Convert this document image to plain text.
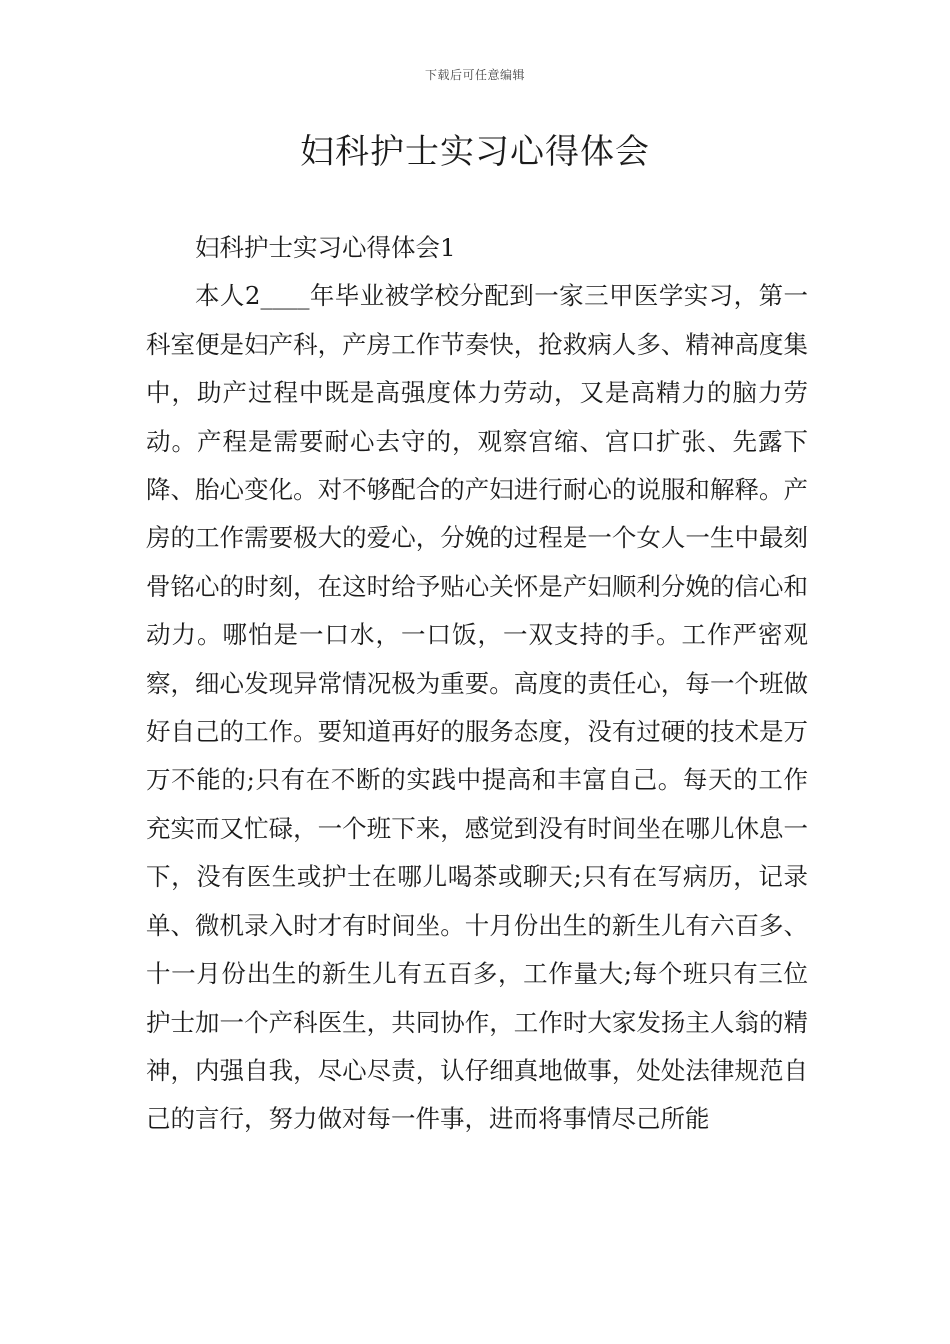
下载后可任意编辑
妇科护士实习心得体会

妇科护士实习心得体会1

本人2____年毕业被学校分配到一家三甲医学实习，第一科室便是妇产科，产房工作节奏快，抢救病人多、精神高度集中，助产过程中既是高强度体力劳动，又是高精力的脑力劳动。产程是需要耐心去守的，观察宫缩、宫口扩张、先露下降、胎心变化。对不够配合的产妇进行耐心的说服和解释。产房的工作需要极大的爱心，分娩的过程是一个女人一生中最刻骨铭心的时刻，在这时给予贴心关怀是产妇顺利分娩的信心和动力。哪怕是一口水，一口饭，一双支持的手。工作严密观察，细心发现异常情况极为重要。高度的责任心，每一个班做好自己的工作。要知道再好的服务态度，没有过硬的技术是万万不能的;只有在不断的实践中提高和丰富自己。每天的工作充实而又忙碌，一个班下来，感觉到没有时间坐在哪儿休息一下，没有医生或护士在哪儿喝茶或聊天;只有在写病历，记录单、微机录入时才有时间坐。十月份出生的新生儿有六百多、十一月份出生的新生儿有五百多，工作量大;每个班只有三位护士加一个产科医生，共同协作，工作时大家发扬主人翁的精神，内强自我，尽心尽责，认仔细真地做事，处处法律规范自己的言行，努力做对每一件事，进而将事情尽己所能
